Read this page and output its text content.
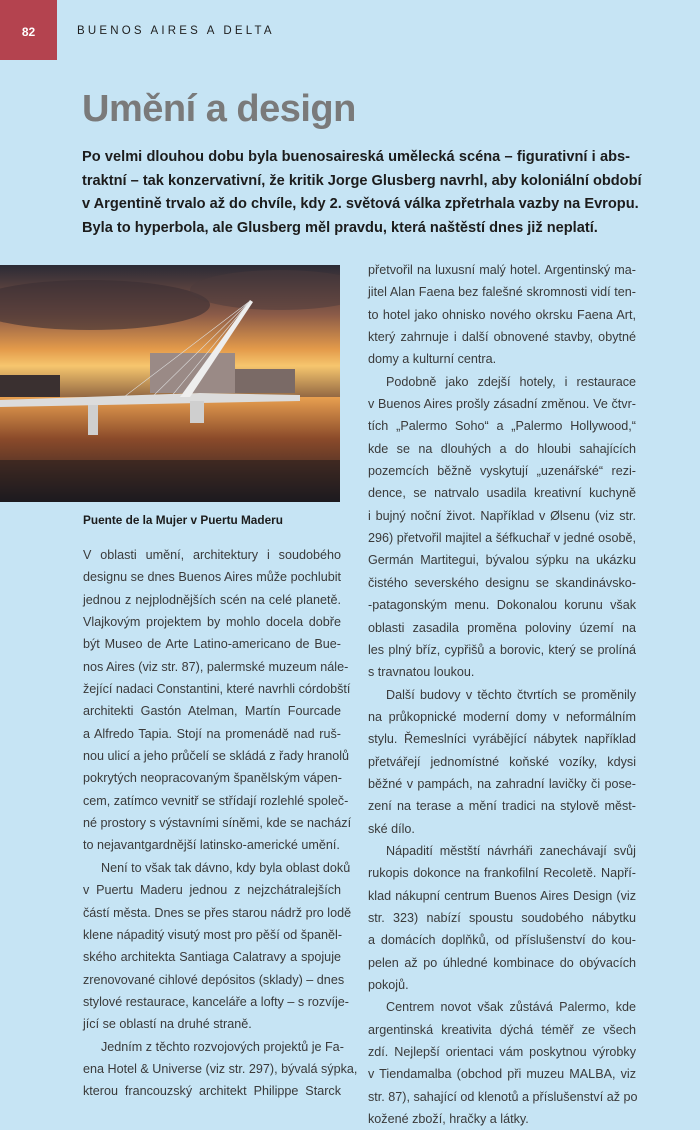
82	BUENOS AIRES A DELTA
Umění a design
Po velmi dlouhou dobu byla buenosaireská umělecká scéna – figurativní i abs-
traktní – tak konzervativní, že kritik Jorge Glusberg navrhl, aby koloniální období
v Argentině trvalo až do chvíle, kdy 2. světová válka zpřetrhala vazby na Evropu.
Byla to hyperbola, ale Glusberg měl pravdu, která naštěstí dnes již neplatí.
Puente de la Mujer v Puertu Maderu
V oblasti umění, architektury i soudobého
designu se dnes Buenos Aires může pochlubit
jednou z nejplodnějších scén na celé planetě.
Vlajkovým projektem by mohlo docela dobře
být Museo de Arte Latino-americano de Bue-
nos Aires (viz str. 87), palermské muzeum nále-
žející nadaci Constantini, které navrhli córdobští
architekti Gastón Atelman, Martín Fourcade
a Alfredo Tapia. Stojí na promenádě nad ruš-
nou ulicí a jeho průčelí se skládá z řady hranolů
pokrytých neopracovaným španělským vápen-
cem, zatímco vevnitř se střídají rozlehlé společ-
né prostory s výstavními síněmi, kde se nachází
to nejavantgardnější latinsko-americké umění.
Není to však tak dávno, kdy byla oblast doků
v Puertu Maderu jednou z nejzchátralejších
částí města. Dnes se přes starou nádrž pro lodě
klene nápaditý visutý most pro pěší od španěl-
ského architekta Santiaga Calatravy a spojuje
zrenovované cihlové depósitos (sklady) – dnes
stylové restaurace, kanceláře a lofty – s rozvíje-
jící se oblastí na druhé straně.
Jedním z těchto rozvojových projektů je Fa-
ena Hotel & Universe (viz str. 297), bývalá sýpka,
kterou francouzský architekt Philippe Starck
přetvořil na luxusní malý hotel. Argentinský ma-
jitel Alan Faena bez falešné skromnosti vidí ten-
to hotel jako ohnisko nového okrsku Faena Art,
který zahrnuje i další obnovené stavby, obytné
domy a kulturní centra.
Podobně jako zdejší hotely, i restaurace
v Buenos Aires prošly zásadní změnou. Ve čtvr-
tích „Palermo Soho“ a „Palermo Hollywood,“
kde se na dlouhých a do hloubi sahajících
pozemcích běžně vyskytují „uzenářské“ rezi-
dence, se natrvalo usadila kreativní kuchyně
i bujný noční život. Například v Ølsenu (viz str.
296) přetvořil majitel a šéfkuchař v jedné osobě,
Germán Martitegui, bývalou sýpku na ukázku
čistého severského designu se skandinávsko-
-patagonským menu. Dokonalou korunu však
oblasti zasadila proměna poloviny území na
les plný bříz, cypřišů a borovic, který se prolíná
s travnatou loukou.
Další budovy v těchto čtvrtích se proměnily
na průkopnické moderní domy v neformálním
stylu. Řemeslníci vyrábějící nábytek například
přetvářejí jednomístné koňské vozíky, kdysi
běžné v pampách, na zahradní lavičky či pose-
zení na terase a mění tradici na stylově měst-
ské dílo.
Nápadití městští návrháři zanechávají svůj
rukopis dokonce na frankofilní Recoletě. Napří-
klad nákupní centrum Buenos Aires Design (viz
str. 323) nabízí spoustu soudobého nábytku
a domácích doplňků, od příslušenství do kou-
pelen až po úhledné kombinace do obývacích
pokojů.
Centrem novot však zůstává Palermo, kde
argentinská kreativita dýchá téměř ze všech
zdí. Nejlepší orientaci vám poskytnou výrobky
v Tiendamalba (obchod při muzeu MALBA, viz
str. 87), sahající od klenotů a příslušenství až po
kožené zboží, hračky a látky.
